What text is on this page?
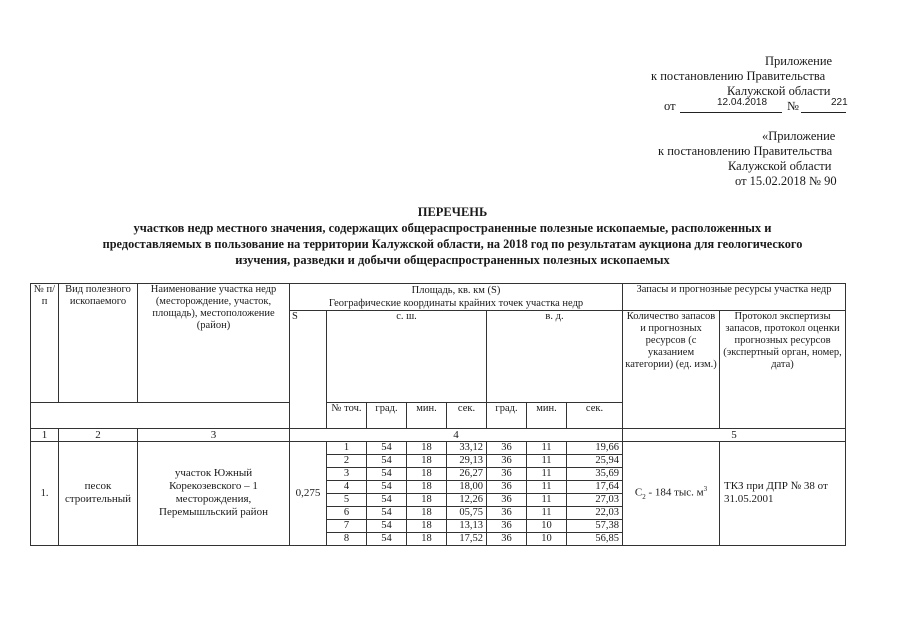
Приложение
к постановлению Правительства
Калужской области
от	12.04.2018 №	221
«Приложение
к постановлению Правительства
Калужской области
от 15.02.2018 № 90
ПЕРЕЧЕНЬ
участков недр местного значения, содержащих общераспространенные полезные ископаемые, расположенных и
предоставляемых в пользование на территории Калужской области, на 2018 год по результатам аукциона для геологического
изучения, разведки и добычи общераспространенных полезных ископаемых
№ п/п	Вид полезного ископаемого	Наименование участка недр (месторождение, участок, площадь), местоположение (район)	Площадь, кв. км (S)								Запасы и прогнозные ресурсы участка недр	
			Географические координаты крайних точек участка недр									
			S	с. ш.				в. д.			Количество запасов и прогнозных ресурсов (с указанием категории) (ед. изм.)	Протокол экспертизы запасов, протокол оценки прогнозных ресурсов (экспертный орган, номер, дата)
				№ точ.	град.	мин.	сек.	град.	мин.	сек.		
1	2	3	4								5	
1.	песок строительный	участок Южный Корекозевского – 1 месторождения, Перемышльский район	0,275	1	54	18	33,12	36	11	19,66	$С_2 - 184$ тыс. $м^3$	ТКЗ при ДПР № 38 от 31.05.2001
				2	54	18	29,13	36	11	25,94		
				3	54	18	26,27	36	11	35,69		
				4	54	18	18,00	36	11	17,64		
				5	54	18	12,26	36	11	27,03		
				6	54	18	05,75	36	11	22,03		
				7	54	18	13,13	36	10	57,38		
				8	54	18	17,52	36	10	56,85		
